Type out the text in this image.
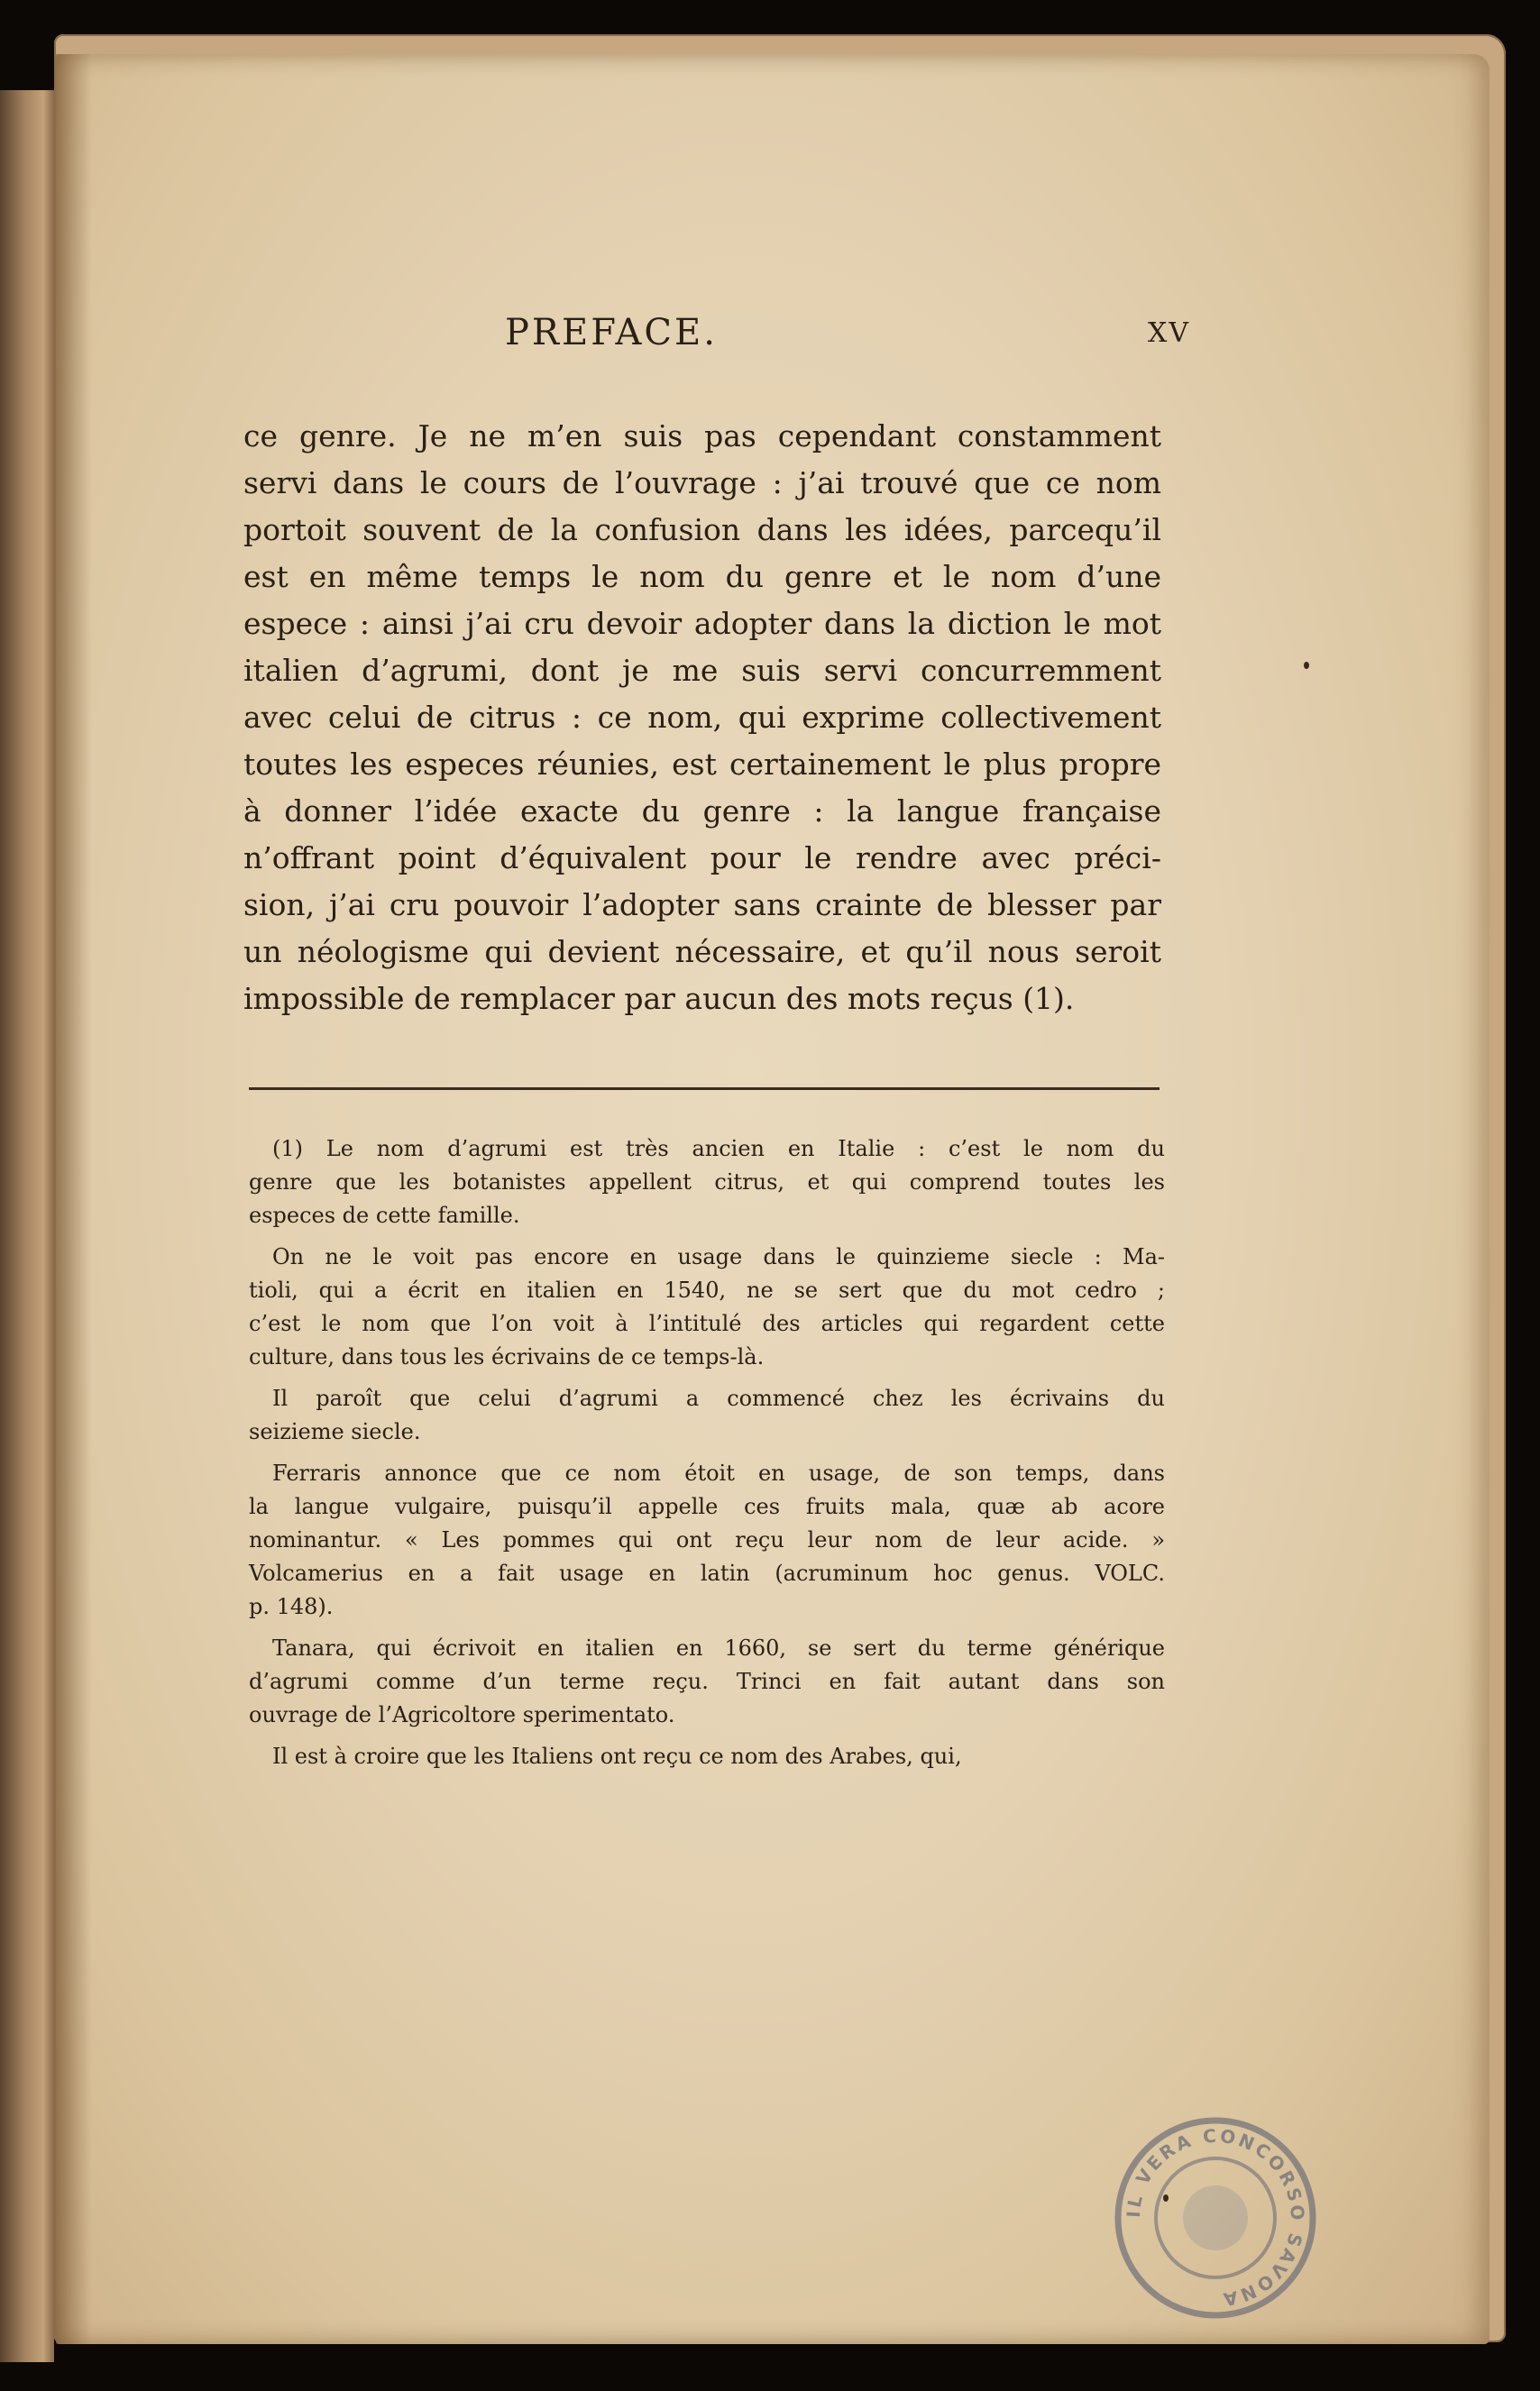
PREFACE.	XV
ce genre. Je ne m’en suis pas cependant constamment
servi dans le cours de l’ouvrage : j’ai trouvé que ce nom
portoit souvent de la confusion dans les idées, parcequ’il
est en même temps le nom du genre et le nom d’une
espece : ainsi j’ai cru devoir adopter dans la diction le mot
italien d’agrumi, dont je me suis servi concurremment
avec celui de citrus : ce nom, qui exprime collectivement
toutes les especes réunies, est certainement le plus propre
à donner l’idée exacte du genre : la langue française
n’offrant point d’équivalent pour le rendre avec préci-
sion, j’ai cru pouvoir l’adopter sans crainte de blesser par
un néologisme qui devient nécessaire, et qu’il nous seroit
impossible de remplacer par aucun des mots reçus (1).

(1) Le nom d’agrumi est très ancien en Italie : c’est le nom du
genre que les botanistes appellent citrus, et qui comprend toutes les
especes de cette famille.

On ne le voit pas encore en usage dans le quinzieme siecle : Ma-
tioli, qui a écrit en italien en 1540, ne se sert que du mot cedro ;
c’est le nom que l’on voit à l’intitulé des articles qui regardent cette
culture, dans tous les écrivains de ce temps-là.

Il paroît que celui d’agrumi a commencé chez les écrivains du
seizieme siecle.

Ferraris annonce que ce nom étoit en usage, de son temps, dans
la langue vulgaire, puisqu’il appelle ces fruits mala, quæ ab acore
nominantur. « Les pommes qui ont reçu leur nom de leur acide. »
Volcamerius en a fait usage en latin (acruminum hoc genus. VOLC.
p. 148).

Tanara, qui écrivoit en italien en 1660, se sert du terme générique
d’agrumi comme d’un terme reçu. Trinci en fait autant dans son
ouvrage de l’Agricoltore sperimentato.

Il est à croire que les Italiens ont reçu ce nom des Arabes, qui,

IL VERA CONCORSO SAVONA
